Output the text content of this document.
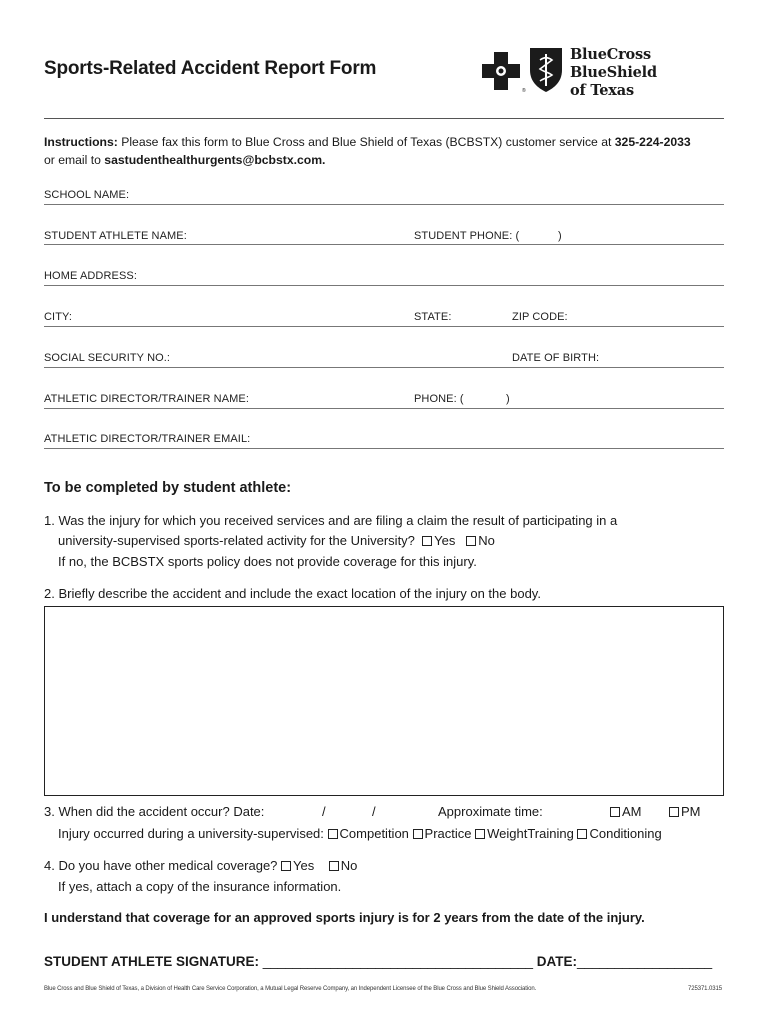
Sports-Related Accident Report Form
®
BlueCross BlueShield
of Texas
Instructions: Please fax this form to Blue Cross and Blue Shield of Texas (BCBSTX) customer service at 325-224-2033
or email to sastudenthealthurgents@bcbstx.com.
SCHOOL NAME:
STUDENT ATHLETE NAME:	STUDENT PHONE: (	)
HOME ADDRESS:
CITY:	STATE:	ZIP CODE:
SOCIAL SECURITY NO.:	DATE OF BIRTH:
ATHLETIC DIRECTOR/TRAINER NAME:	PHONE: (	)
ATHLETIC DIRECTOR/TRAINER EMAIL:
To be completed by student athlete:
1. Was the injury for which you received services and are filing a claim the result of participating in a
university-supervised sports-related activity for the University? Yes No
If no, the BCBSTX sports policy does not provide coverage for this injury.
2. Briefly describe the accident and include the exact location of the injury on the body.
3. When did the accident occur? Date:	/	/	Approximate time:	AM	PM
Injury occurred during a university-supervised: Competition Practice WeightTraining Conditioning
4. Do you have other medical coverage? Yes No
If yes, attach a copy of the insurance information.
I understand that coverage for an approved sports injury is for 2 years from the date of the injury.
STUDENT ATHLETE SIGNATURE: ____________________________________ DATE:__________________
Blue Cross and Blue Shield of Texas, a Division of Health Care Service Corporation, a Mutual Legal Reserve Company, an Independent Licensee of the Blue Cross and Blue Shield Association.	725371.0315
